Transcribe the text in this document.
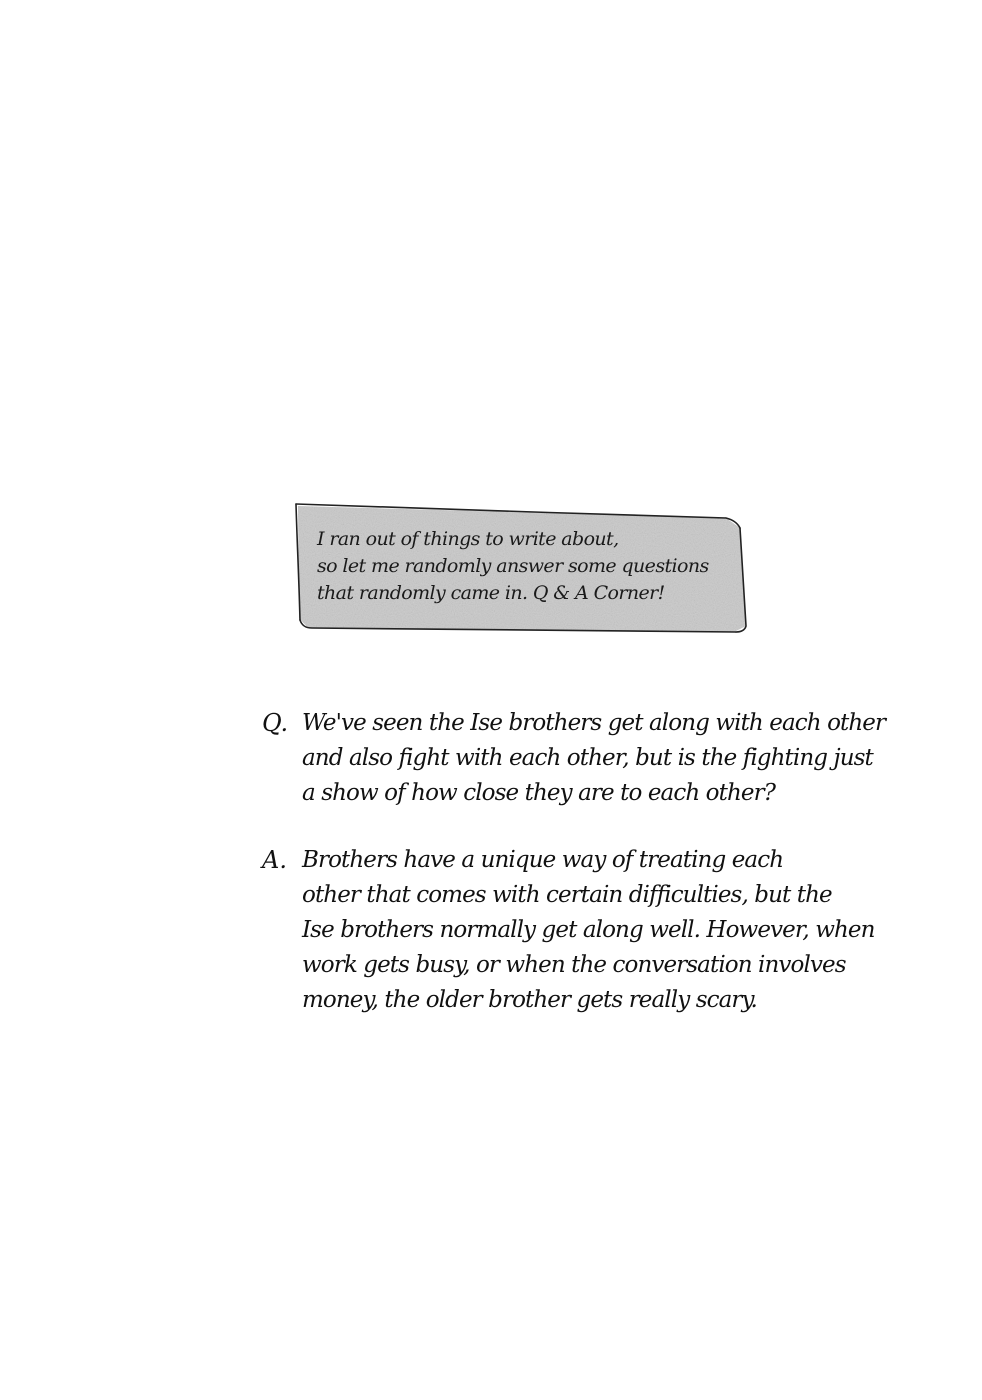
I ran out of things to write about,
so let me randomly answer some questions
that randomly came in. Q & A Corner!
Q. We've seen the Ise brothers get along with each other
and also fight with each other, but is the fighting just
a show of how close they are to each other?
A. Brothers have a unique way of treating each
other that comes with certain difficulties, but the
Ise brothers normally get along well. However, when
work gets busy, or when the conversation involves
money, the older brother gets really scary.
